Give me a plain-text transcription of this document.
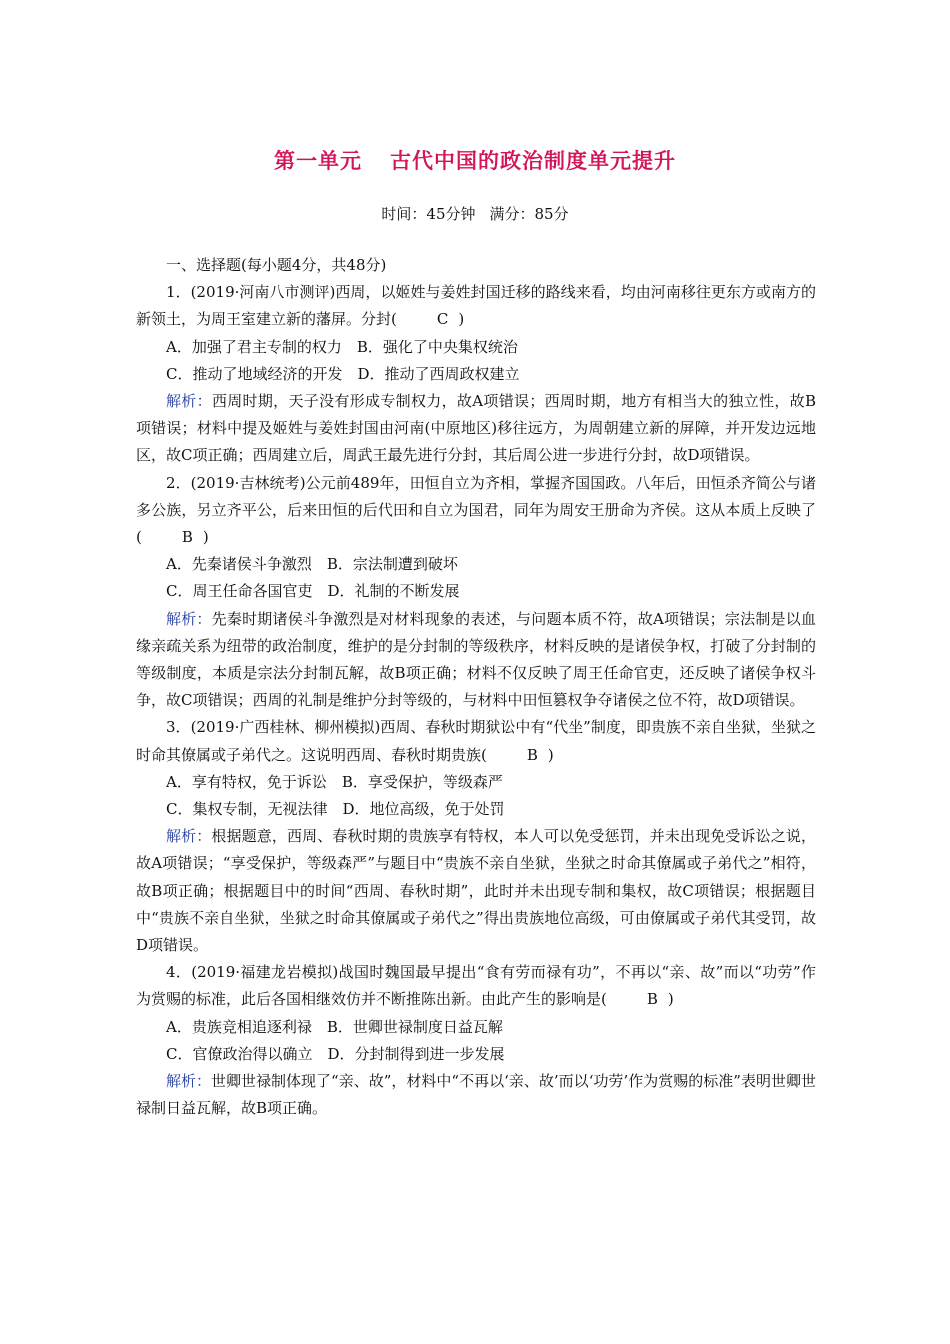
第一单元 古代中国的政治制度单元提升
时间：45分钟 满分：85分

一、选择题(每小题4分，共48分)

1．(2019·河南八市测评)西周，以姬姓与姜姓封国迁移的路线来看，均由河南移往更东方或南方的新领土，为周王室建立新的藩屏。分封(	C )

A．加强了君主专制的权力　B．强化了中央集权统治

C．推动了地域经济的开发　D．推动了西周政权建立

解析：西周时期，天子没有形成专制权力，故A项错误；西周时期，地方有相当大的独立性，故B项错误；材料中提及姬姓与姜姓封国由河南(中原地区)移往远方，为周朝建立新的屏障，并开发边远地区，故C项正确；西周建立后，周武王最先进行分封，其后周公进一步进行分封，故D项错误。

2．(2019·吉林统考)公元前489年，田恒自立为齐相，掌握齐国国政。八年后，田恒杀齐简公与诸多公族，另立齐平公，后来田恒的后代田和自立为国君，同年为周安王册命为齐侯。这从本质上反映了(	B )

A．先秦诸侯斗争激烈　B．宗法制遭到破坏

C．周王任命各国官吏　D．礼制的不断发展

解析：先秦时期诸侯斗争激烈是对材料现象的表述，与问题本质不符，故A项错误；宗法制是以血缘亲疏关系为纽带的政治制度，维护的是分封制的等级秩序，材料反映的是诸侯争权，打破了分封制的等级制度，本质是宗法分封制瓦解，故B项正确；材料不仅反映了周王任命官吏，还反映了诸侯争权斗争，故C项错误；西周的礼制是维护分封等级的，与材料中田恒篡权争夺诸侯之位不符，故D项错误。

3．(2019·广西桂林、柳州模拟)西周、春秋时期狱讼中有“代坐”制度，即贵族不亲自坐狱，坐狱之时命其僚属或子弟代之。这说明西周、春秋时期贵族(	B )

A．享有特权，免于诉讼　B．享受保护，等级森严

C．集权专制，无视法律　D．地位高级，免于处罚

解析：根据题意，西周、春秋时期的贵族享有特权，本人可以免受惩罚，并未出现免受诉讼之说，故A项错误；“享受保护，等级森严”与题目中“贵族不亲自坐狱，坐狱之时命其僚属或子弟代之”相符，故B项正确；根据题目中的时间“西周、春秋时期”，此时并未出现专制和集权，故C项错误；根据题目中“贵族不亲自坐狱，坐狱之时命其僚属或子弟代之”得出贵族地位高级，可由僚属或子弟代其受罚，故D项错误。

4．(2019·福建龙岩模拟)战国时魏国最早提出“食有劳而禄有功”，不再以“亲、故”而以“功劳”作为赏赐的标准，此后各国相继效仿并不断推陈出新。由此产生的影响是(	B )

A．贵族竞相追逐利禄　B．世卿世禄制度日益瓦解

C．官僚政治得以确立　D．分封制得到进一步发展

解析：世卿世禄制体现了“亲、故”，材料中“不再以‘亲、故’而以‘功劳’作为赏赐的标准”表明世卿世禄制日益瓦解，故B项正确。
